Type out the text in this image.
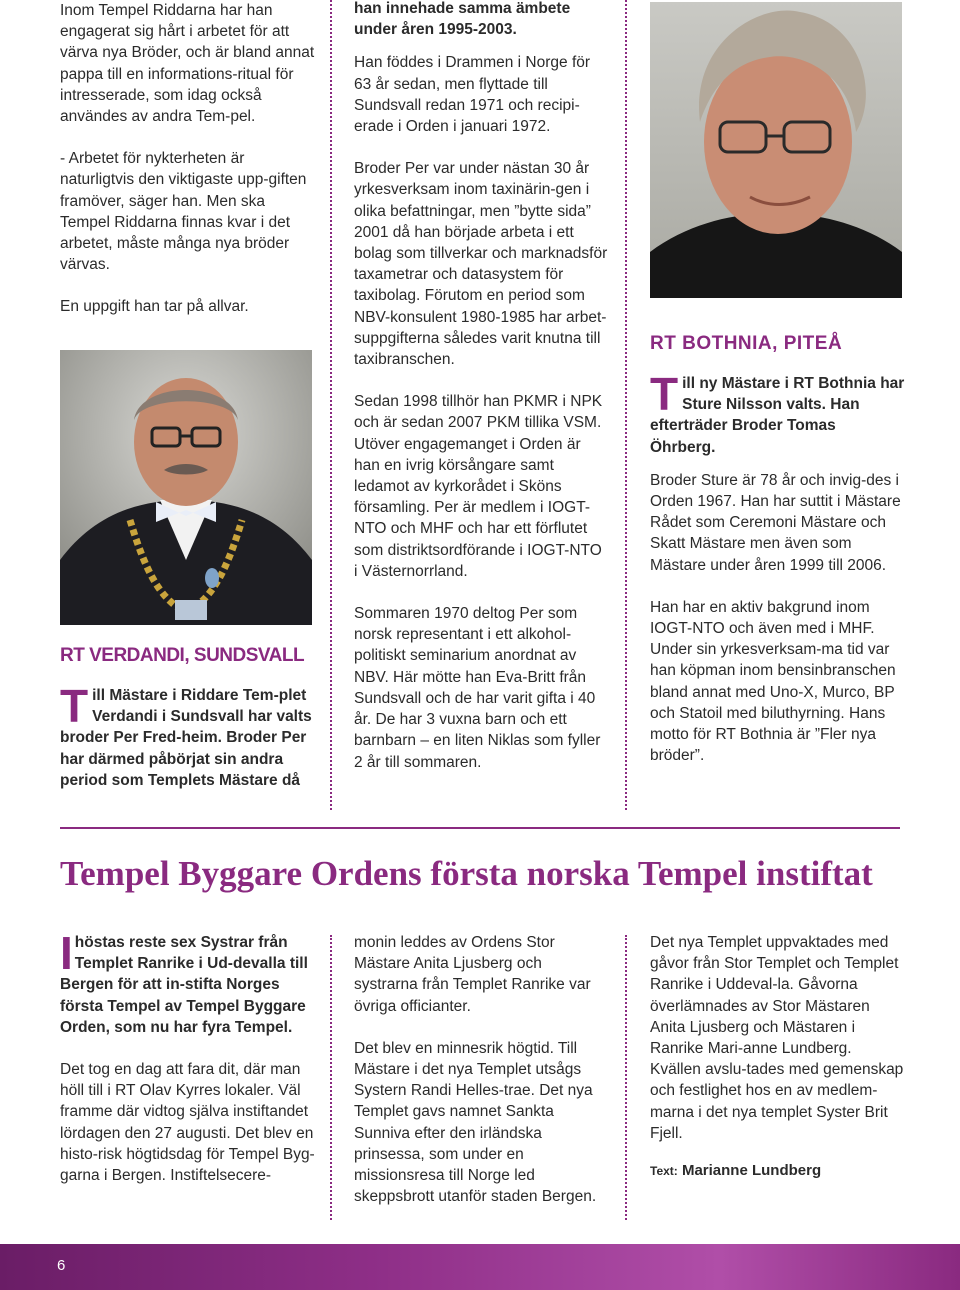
Inom Tempel Riddarna har han engagerat sig hårt i arbetet för att värva nya Bröder, och är bland annat pappa till en informations-ritual för intresserade, som idag också användes av andra Tem-pel.

- Arbetet för nykterheten är naturligtvis den viktigaste upp-giften framöver, säger han. Men ska Tempel Riddarna finnas kvar i det arbetet, måste många nya bröder värvas.

En uppgift han tar på allvar.

RT VERDANDI, SUNDSVALL

Till Mästare i Riddare Tem-plet Verdandi i Sundsvall har valts broder Per Fred-heim. Broder Per har därmed påbörjat sin andra period som Templets Mästare då

han innehade samma ämbete under åren 1995-2003.

Han föddes i Drammen i Norge för 63 år sedan, men flyttade till Sundsvall redan 1971 och recipi-erade i Orden i januari 1972.

Broder Per var under nästan 30 år yrkesverksam inom taxinärin-gen i olika befattningar, men ”bytte sida” 2001 då han började arbeta i ett bolag som tillverkar och marknadsför taxametrar och datasystem för taxibolag. Förutom en period som NBV-konsulent 1980-1985 har arbet-suppgifterna således varit knutna till taxibranschen.

Sedan 1998 tillhör han PKMR i NPK och är sedan 2007 PKM tillika VSM.

Utöver engagemanget i Orden är han en ivrig körsångare samt ledamot av kyrkorådet i Sköns församling. Per är medlem i IOGT-NTO och MHF och har ett förflutet som distriktsordförande i IOGT-NTO i Västernorrland.

Sommaren 1970 deltog Per som norsk representant i ett alkohol-politiskt seminarium anordnat av NBV. Här mötte han Eva-Britt från Sundsvall och de har varit gifta i 40 år. De har 3 vuxna barn och ett barnbarn – en liten Niklas som fyller 2 år till sommaren.

RT BOTHNIA, PITEÅ

Till ny Mästare i RT Bothnia har Sture Nilsson valts. Han efterträder Broder Tomas Öhrberg.

Broder Sture är 78 år och invig-des i Orden 1967. Han har suttit i Mästare Rådet som Ceremoni Mästare och Skatt Mästare men även som Mästare under åren 1999 till 2006.

Han har en aktiv bakgrund inom IOGT-NTO och även med i MHF. Under sin yrkesverksam-ma tid var han köpman inom bensinbranschen bland annat med Uno-X, Murco, BP och Statoil med biluthyrning. Hans motto för RT Bothnia är ”Fler nya bröder”.

Tempel Byggare Ordens första norska Tempel instiftat

Ihöstas reste sex Systrar från Templet Ranrike i Ud-devalla till Bergen för att in-stifta Norges första Tempel av Tempel Byggare Orden, som nu har fyra Tempel.

Det tog en dag att fara dit, där man höll till i RT Olav Kyrres lokaler. Väl framme där vidtog själva instiftandet lördagen den 27 augusti. Det blev en histo-risk högtidsdag för Tempel Byg-garna i Bergen. Instiftelsecere-

monin leddes av Ordens Stor Mästare Anita Ljusberg och systrarna från Templet Ranrike var övriga officianter.

Det blev en minnesrik högtid. Till Mästare i det nya Templet utsågs Systern Randi Helles-trae. Det nya Templet gavs namnet Sankta Sunniva efter den irländska prinsessa, som under en missionsresa till Norge led skeppsbrott utanför staden Bergen.

Det nya Templet uppvaktades med gåvor från Stor Templet och Templet Ranrike i Uddeval-la. Gåvorna överlämnades av Stor Mästaren Anita Ljusberg och Mästaren i Ranrike Mari-anne Lundberg. Kvällen avslu-tades med gemenskap och festlighet hos en av medlem-marna i det nya templet Syster Brit Fjell.

Text: Marianne Lundberg

6
